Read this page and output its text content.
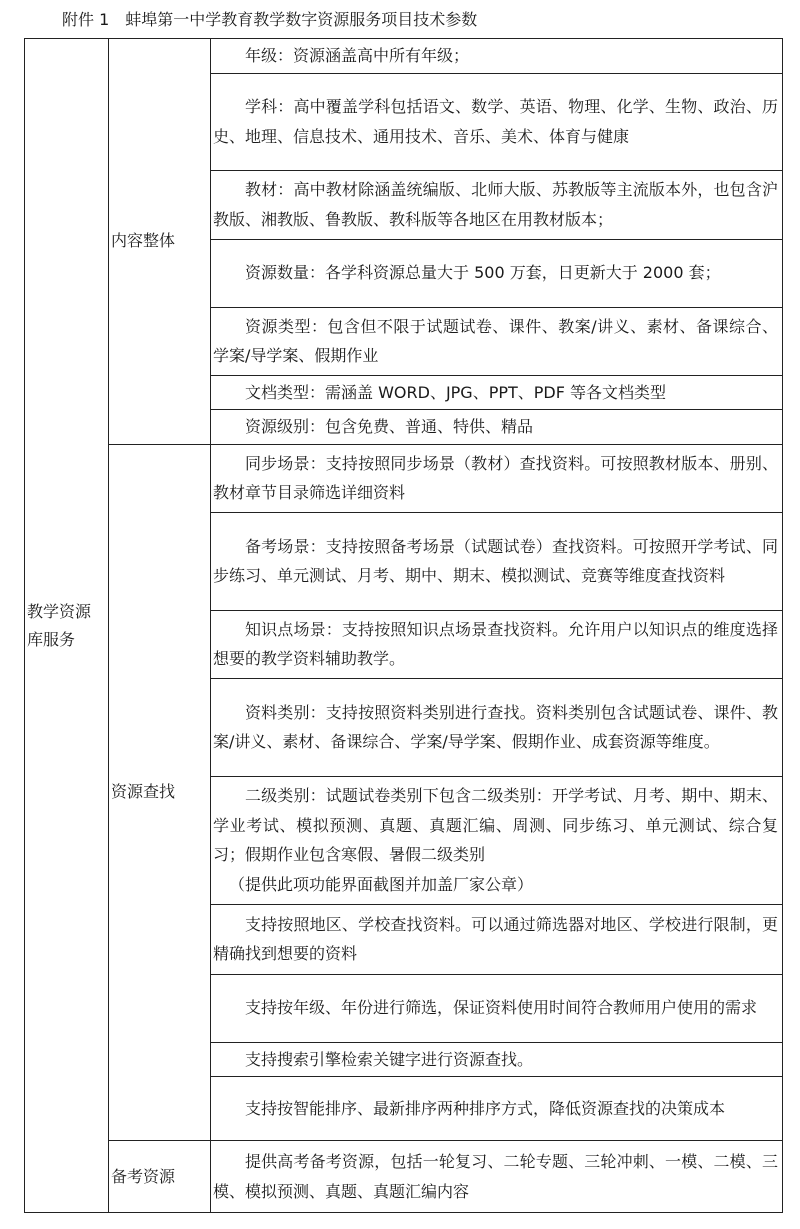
附件 1　蚌埠第一中学教育教学数字资源服务项目技术参数
教学资源库服务	内容整体	年级：资源涵盖高中所有年级；
		学科：高中覆盖学科包括语文、数学、英语、物理、化学、生物、政治、历史、地理、信息技术、通用技术、音乐、美术、体育与健康
		教材：高中教材除涵盖统编版、北师大版、苏教版等主流版本外，也包含沪教版、湘教版、鲁教版、教科版等各地区在用教材版本；
		资源数量：各学科资源总量大于 500 万套，日更新大于 2000 套；
		资源类型：包含但不限于试题试卷、课件、教案/讲义、素材、备课综合、学案/导学案、假期作业
		文档类型：需涵盖 WORD、JPG、PPT、PDF 等各文档类型
		资源级别：包含免费、普通、特供、精品
	资源查找	同步场景：支持按照同步场景（教材）查找资料。可按照教材版本、册别、教材章节目录筛选详细资料
		备考场景：支持按照备考场景（试题试卷）查找资料。可按照开学考试、同步练习、单元测试、月考、期中、期末、模拟测试、竞赛等维度查找资料
		知识点场景：支持按照知识点场景查找资料。允许用户以知识点的维度选择想要的教学资料辅助教学。
		资料类别：支持按照资料类别进行查找。资料类别包含试题试卷、课件、教案/讲义、素材、备课综合、学案/导学案、假期作业、成套资源等维度。
		二级类别：试题试卷类别下包含二级类别：开学考试、月考、期中、期末、学业考试、模拟预测、真题、真题汇编、周测、同步练习、单元测试、综合复习；假期作业包含寒假、暑假二级类别
（提供此项功能界面截图并加盖厂家公章）

		支持按照地区、学校查找资料。可以通过筛选器对地区、学校进行限制，更精确找到想要的资料
		支持按年级、年份进行筛选，保证资料使用时间符合教师用户使用的需求
		支持搜索引擎检索关键字进行资源查找。
		支持按智能排序、最新排序两种排序方式，降低资源查找的决策成本
	备考资源	提供高考备考资源，包括一轮复习、二轮专题、三轮冲刺、一模、二模、三模、模拟预测、真题、真题汇编内容
